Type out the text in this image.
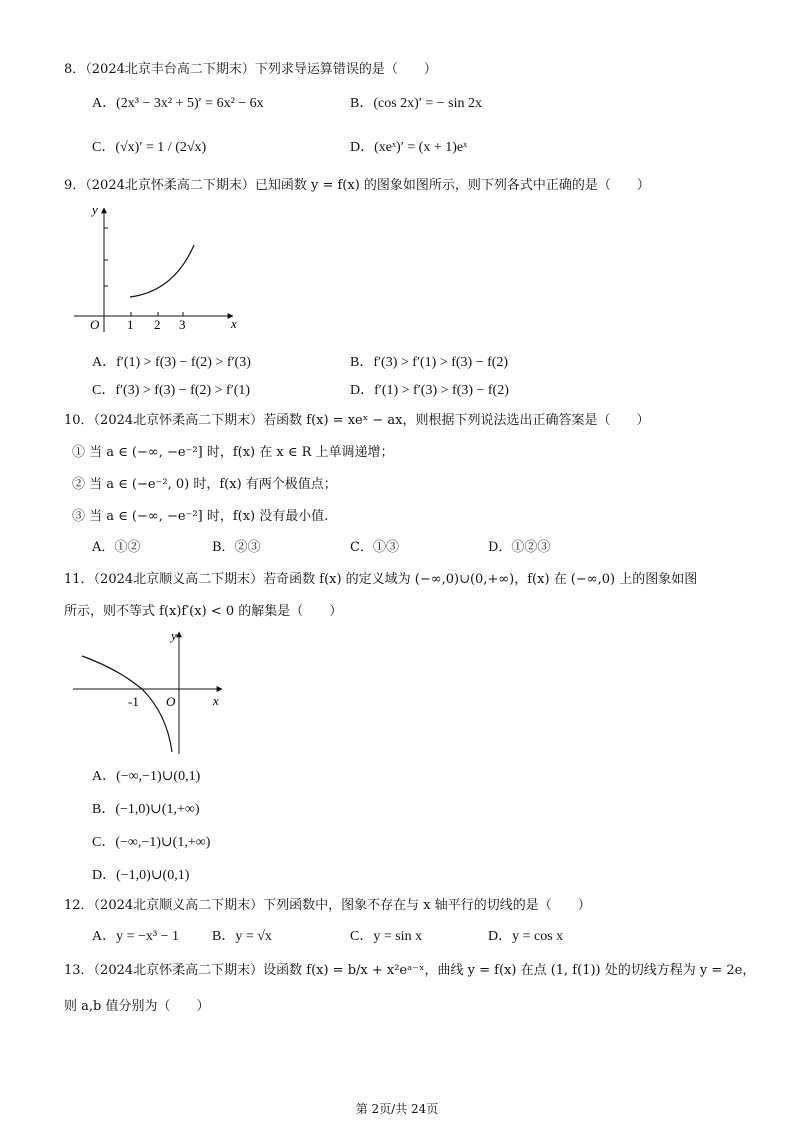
8．（2024北京丰台高二下期末）下列求导运算错误的是（　　）
A．(2x³ − 3x² + 5)′ = 6x² − 6x	B．(cos 2x)′ = − sin 2x
C．(√x)′ = 1 / (2√x)	D．(xeˣ)′ = (x + 1)eˣ
9．（2024北京怀柔高二下期末）已知函数 y = f(x) 的图象如图所示，则下列各式中正确的是（　　）
y
x
O 1 2 3
A．f′(1) > f(3) − f(2) > f′(3)	B．f′(3) > f′(1) > f(3) − f(2)
C．f′(3) > f(3) − f(2) > f′(1)	D．f′(1) > f′(3) > f(3) − f(2)
10．（2024北京怀柔高二下期末）若函数 f(x) = xeˣ − ax，则根据下列说法选出正确答案是（　　）
① 当 a ∈ (−∞, −e⁻²] 时，f(x) 在 x ∈ R 上单调递增；
② 当 a ∈ (−e⁻², 0) 时，f(x) 有两个极值点；
③ 当 a ∈ (−∞, −e⁻²] 时，f(x) 没有最小值.
A．①②	B．②③	C．①③	D．①②③
11．（2024北京顺义高二下期末）若奇函数 f(x) 的定义域为 (−∞,0)∪(0,+∞)，f(x) 在 (−∞,0) 上的图象如图
所示，则不等式 f(x)f′(x) < 0 的解集是（　　）
y
x
O
-1
A．(−∞,−1)∪(0,1)
B．(−1,0)∪(1,+∞)
C．(−∞,−1)∪(1,+∞)
D．(−1,0)∪(0,1)
12．（2024北京顺义高二下期末）下列函数中，图象不存在与 x 轴平行的切线的是（　　）
A．y = −x³ − 1 B．y = √x	C．y = sin x	D．y = cos x
13．（2024北京怀柔高二下期末）设函数 f(x) = b/x + x²eᵃ⁻ˣ，曲线 y = f(x) 在点 (1, f(1)) 处的切线方程为 y = 2e，
则 a,b 值分别为（　　）
第 2页/共 24页
